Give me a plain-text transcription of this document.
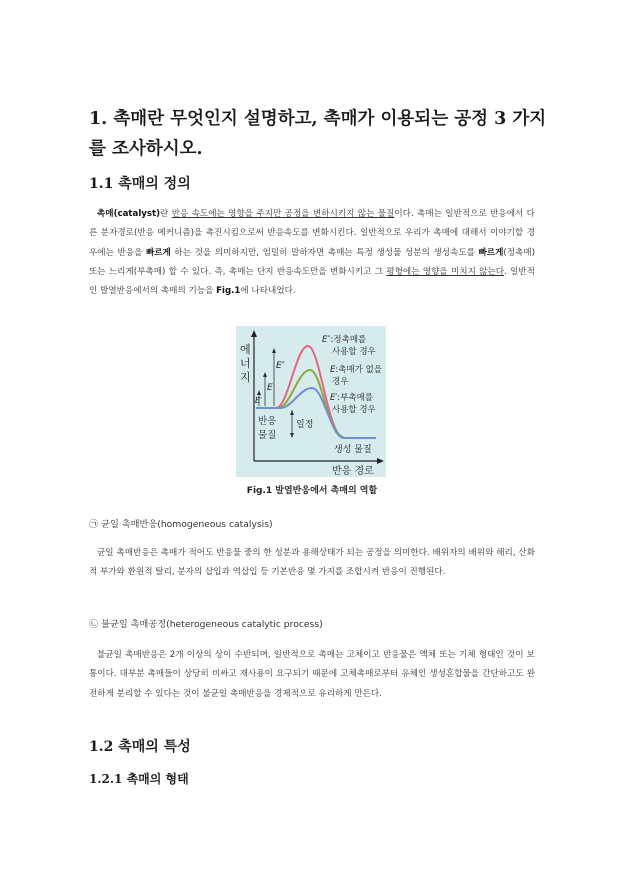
1. 촉매란 무엇인지 설명하고, 촉매가 이용되는 공정 3 가지를 조사하시오.
1.1 촉매의 정의

촉매(catalyst)란 반응 속도에는 영향을 주지만 공정을 변하시키지 않는 물질이다. 촉매는 일반적으로 반응에서 다른 분자경로(반응 메커니즘)을 촉진시킴으로써 반응속도를 변화시킨다. 일반적으로 우리가 촉매에 대해서 이야기할 경우에는 반응을 빠르게 하는 것을 의미하지만, 엄밀히 말하자면 촉매는 특정 생성물 성분의 생성속도를 빠르게(정촉매) 또는 느리게(부촉매) 할 수 있다. 즉, 촉매는 단지 반응속도만을 변화시키고 그 평형에는 영향을 미치지 않는다. 일반적인 발열반응에서의 촉매의 기능을 Fig.1에 나타내었다.

에
너
지
E″
E
E′
일정
반응
물질
생성 물질
반응 경로
E″:정촉매를
사용할 경우
E:촉매가 없을
경우
E′:부촉매를
사용할 경우
Fig.1 발열반응에서 촉매의 역할

㉠ 균일 촉매반응(homogeneous catalysis)

균일 촉매반응은 촉매가 적어도 반응물 중의 한 성분과 용해상태가 되는 공정을 의미한다. 배위자의 배위와 해리, 산화적 부가와 환원적 탈리, 분자의 삽입과 역삽입 등 기본반응 몇 가지를 조합시켜 반응이 진행된다.

㉡ 불균일 촉매공정(heterogeneous catalytic process)

불균일 촉매반응은 2개 이상의 상이 수반되며, 일반적으로 촉매는 고체이고 반응물은 액체 또는 기체 형태인 것이 보통이다. 대부분 촉매들이 상당히 비싸고 재사용이 요구되기 때문에 고체촉매로부터 유체인 생성혼합물을 간단하고도 완전하게 분리할 수 있다는 것이 불균일 촉매반응을 경제적으로 유리하게 만든다.

1.2 촉매의 특성
1.2.1 촉매의 형태
